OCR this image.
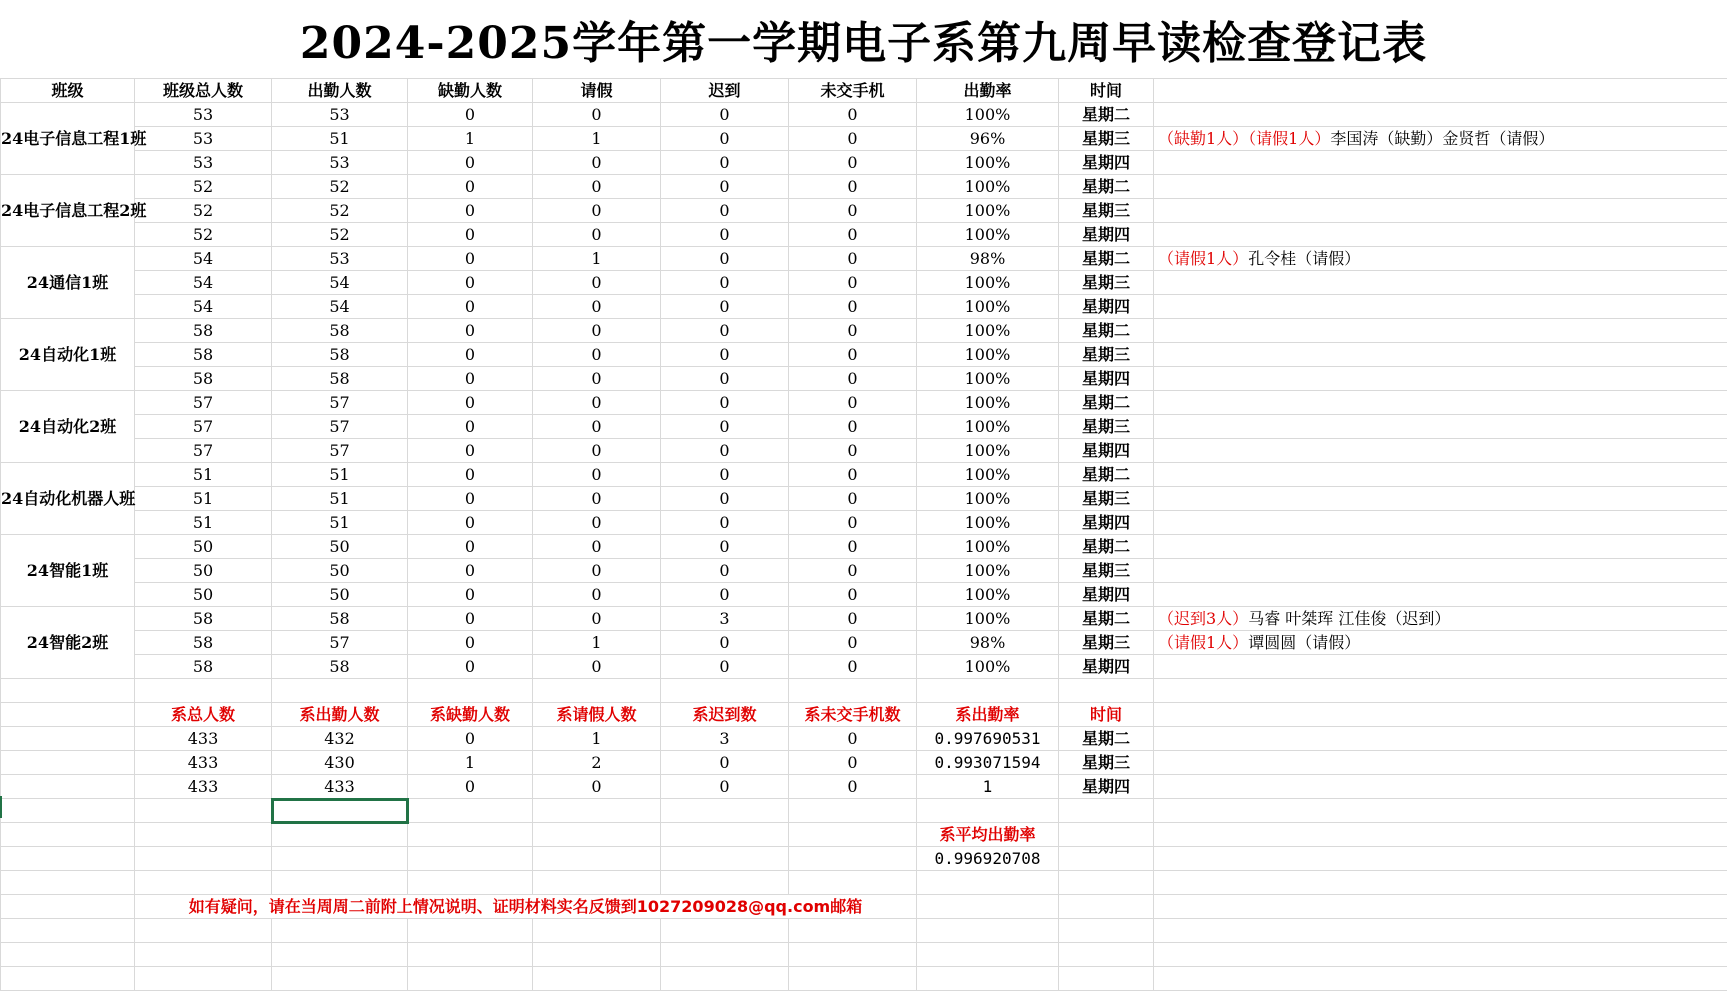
2024-2025学年第一学期电子系第九周早读检查登记表
班级	班级总人数	出勤人数	缺勤人数	请假	迟到	未交手机	出勤率	时间	
24电子信息工程1班	53	53	0	0	0	0	100%	星期二	
	53	51	1	1	0	0	96%	星期三	（缺勤1人）（请假1人）李国涛（缺勤）金贤哲（请假）
	53	53	0	0	0	0	100%	星期四	
24电子信息工程2班	52	52	0	0	0	0	100%	星期二	
	52	52	0	0	0	0	100%	星期三	
	52	52	0	0	0	0	100%	星期四	
24通信1班	54	53	0	1	0	0	98%	星期二	（请假1人）孔令桂（请假）
	54	54	0	0	0	0	100%	星期三	
	54	54	0	0	0	0	100%	星期四	
24自动化1班	58	58	0	0	0	0	100%	星期二	
	58	58	0	0	0	0	100%	星期三	
	58	58	0	0	0	0	100%	星期四	
24自动化2班	57	57	0	0	0	0	100%	星期二	
	57	57	0	0	0	0	100%	星期三	
	57	57	0	0	0	0	100%	星期四	
24自动化机器人班	51	51	0	0	0	0	100%	星期二	
	51	51	0	0	0	0	100%	星期三	
	51	51	0	0	0	0	100%	星期四	
24智能1班	50	50	0	0	0	0	100%	星期二	
	50	50	0	0	0	0	100%	星期三	
	50	50	0	0	0	0	100%	星期四	
24智能2班	58	58	0	0	3	0	100%	星期二	（迟到3人）马睿 叶桀珲 江佳俊（迟到）
	58	57	0	1	0	0	98%	星期三	（请假1人）谭圆圆（请假）
	58	58	0	0	0	0	100%	星期四	

	系总人数	系出勤人数	系缺勤人数	系请假人数	系迟到数	系未交手机数	系出勤率	时间	
	433	432	0	1	3	0	0.997690531	星期二	
	433	430	1	2	0	0	0.993071594	星期三	
	433	433	0	0	0	0	1	星期四	

							系平均出勤率		
							0.996920708		

	如有疑问，请在当周周二前附上情况说明、证明材料实名反馈到1027209028@qq.com邮箱								
